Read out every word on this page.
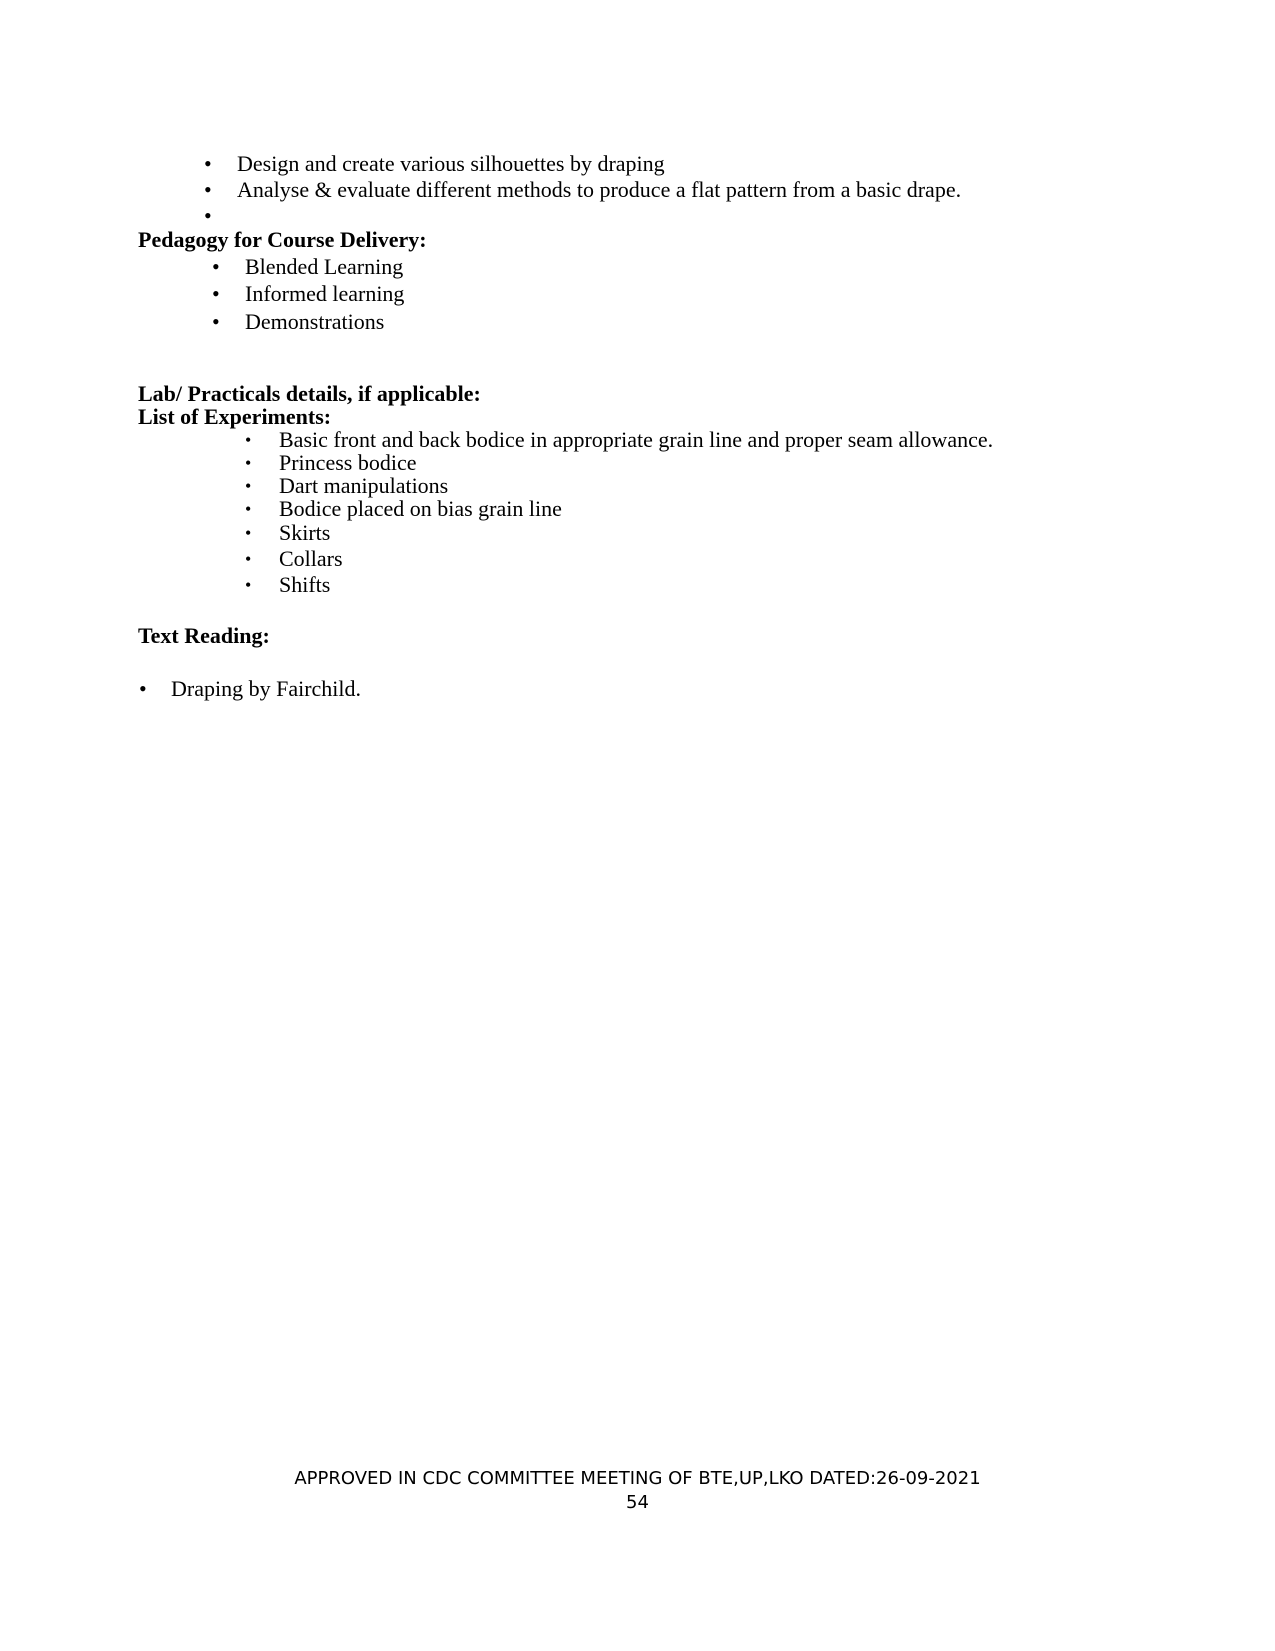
• Design and create various silhouettes by draping
• Analyse & evaluate different methods to produce a flat pattern from a basic drape.
•
Pedagogy for Course Delivery:
• Blended Learning
• Informed learning
• Demonstrations
Lab/ Practicals details, if applicable:
List of Experiments:
• Basic front and back bodice in appropriate grain line and proper seam allowance.
• Princess bodice
• Dart manipulations
• Bodice placed on bias grain line
• Skirts
• Collars
• Shifts
Text Reading:
• Draping by Fairchild.
APPROVED IN CDC COMMITTEE MEETING OF BTE,UP,LKO DATED:26-09-2021
54
